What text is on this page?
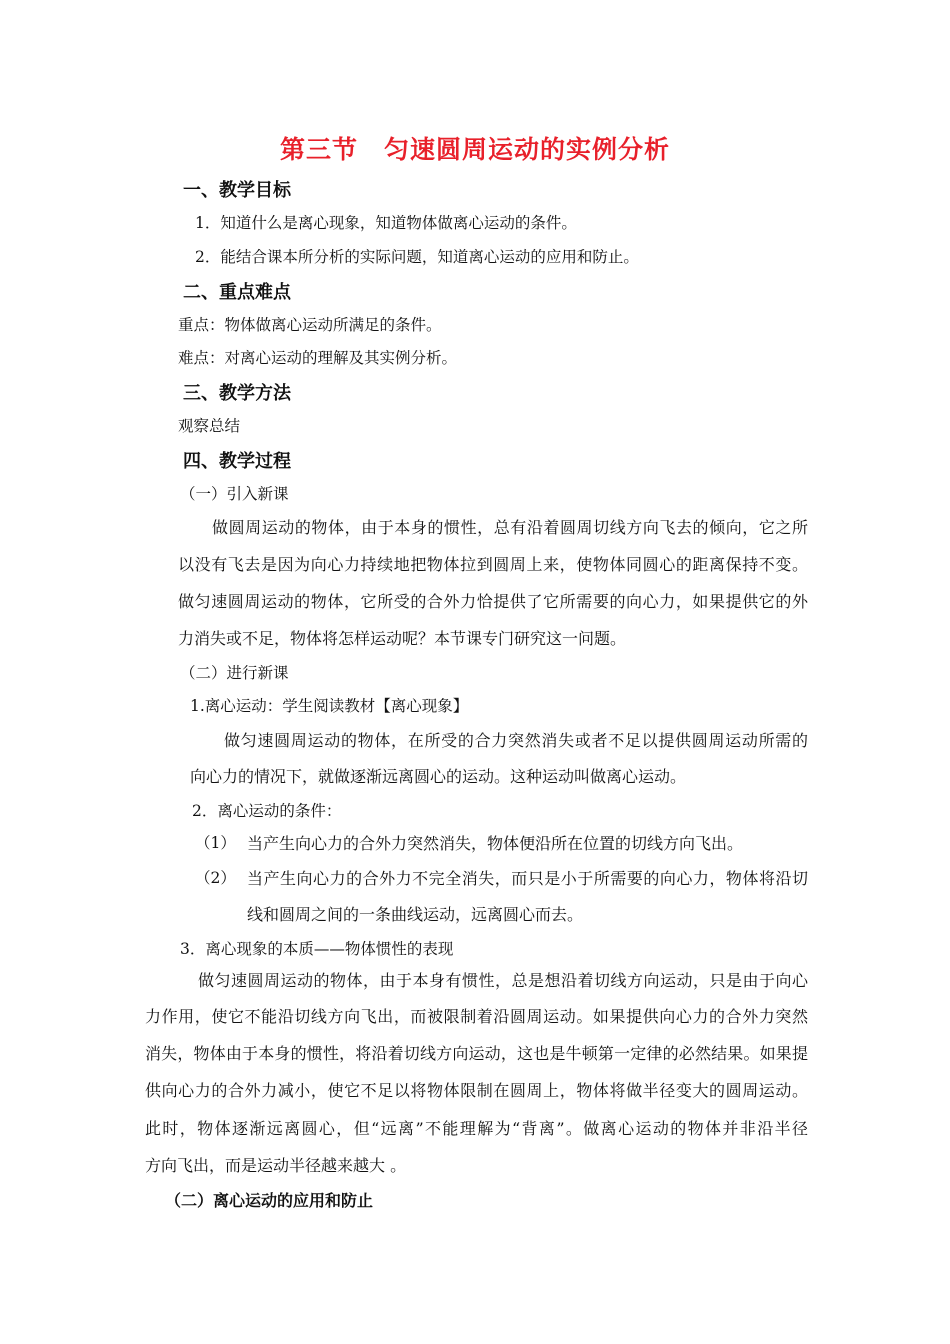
第三节　匀速圆周运动的实例分析
一、教学目标
1．知道什么是离心现象，知道物体做离心运动的条件。
2．能结合课本所分析的实际问题，知道离心运动的应用和防止。
二、重点难点
重点：物体做离心运动所满足的条件。
难点：对离心运动的理解及其实例分析。
三、教学方法
观察总结
四、教学过程
（一）引入新课
做圆周运动的物体，由于本身的惯性，总有沿着圆周切线方向飞去的倾向，它之所
以没有飞去是因为向心力持续地把物体拉到圆周上来，使物体同圆心的距离保持不变。
做匀速圆周运动的物体，它所受的合外力恰提供了它所需要的向心力，如果提供它的外
力消失或不足，物体将怎样运动呢？本节课专门研究这一问题。
（二）进行新课
1.离心运动：学生阅读教材【离心现象】
做匀速圆周运动的物体，在所受的合力突然消失或者不足以提供圆周运动所需的
向心力的情况下，就做逐渐远离圆心的运动。这种运动叫做离心运动。
2．离心运动的条件：
（1） 当产生向心力的合外力突然消失，物体便沿所在位置的切线方向飞出。
（2） 当产生向心力的合外力不完全消失，而只是小于所需要的向心力，物体将沿切
线和圆周之间的一条曲线运动，远离圆心而去。
3．离心现象的本质——物体惯性的表现
做匀速圆周运动的物体，由于本身有惯性，总是想沿着切线方向运动，只是由于向心
力作用，使它不能沿切线方向飞出，而被限制着沿圆周运动。如果提供向心力的合外力突然
消失，物体由于本身的惯性，将沿着切线方向运动，这也是牛顿第一定律的必然结果。如果提
供向心力的合外力减小，使它不足以将物体限制在圆周上，物体将做半径变大的圆周运动。
此时，物体逐渐远离圆心，但“远离”不能理解为“背离”。做离心运动的物体并非沿半径
方向飞出，而是运动半径越来越大 。
（二）离心运动的应用和防止
